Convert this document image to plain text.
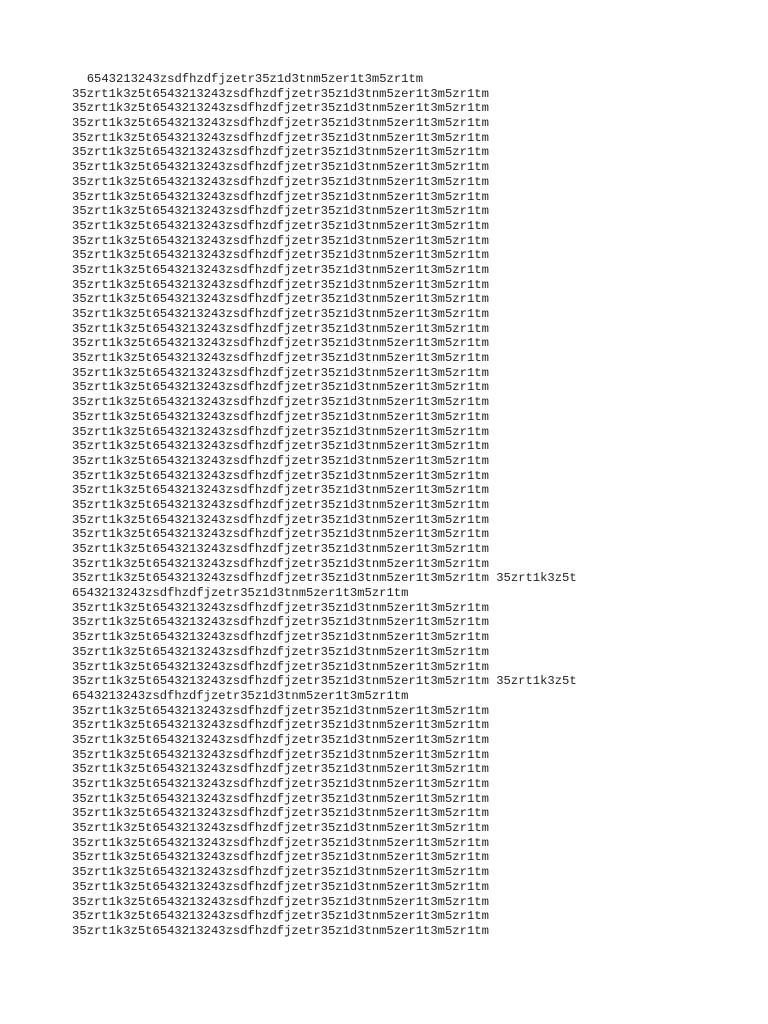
6543213243zsdfhzdfjzetr35z1d3tnm5zer1t3m5zr1tm
35zrt1k3z5t6543213243zsdfhzdfjzetr35z1d3tnm5zer1t3m5zr1tm
35zrt1k3z5t6543213243zsdfhzdfjzetr35z1d3tnm5zer1t3m5zr1tm
35zrt1k3z5t6543213243zsdfhzdfjzetr35z1d3tnm5zer1t3m5zr1tm
35zrt1k3z5t6543213243zsdfhzdfjzetr35z1d3tnm5zer1t3m5zr1tm
35zrt1k3z5t6543213243zsdfhzdfjzetr35z1d3tnm5zer1t3m5zr1tm
35zrt1k3z5t6543213243zsdfhzdfjzetr35z1d3tnm5zer1t3m5zr1tm
35zrt1k3z5t6543213243zsdfhzdfjzetr35z1d3tnm5zer1t3m5zr1tm
35zrt1k3z5t6543213243zsdfhzdfjzetr35z1d3tnm5zer1t3m5zr1tm
35zrt1k3z5t6543213243zsdfhzdfjzetr35z1d3tnm5zer1t3m5zr1tm
35zrt1k3z5t6543213243zsdfhzdfjzetr35z1d3tnm5zer1t3m5zr1tm
35zrt1k3z5t6543213243zsdfhzdfjzetr35z1d3tnm5zer1t3m5zr1tm
35zrt1k3z5t6543213243zsdfhzdfjzetr35z1d3tnm5zer1t3m5zr1tm
35zrt1k3z5t6543213243zsdfhzdfjzetr35z1d3tnm5zer1t3m5zr1tm
35zrt1k3z5t6543213243zsdfhzdfjzetr35z1d3tnm5zer1t3m5zr1tm
35zrt1k3z5t6543213243zsdfhzdfjzetr35z1d3tnm5zer1t3m5zr1tm
35zrt1k3z5t6543213243zsdfhzdfjzetr35z1d3tnm5zer1t3m5zr1tm
35zrt1k3z5t6543213243zsdfhzdfjzetr35z1d3tnm5zer1t3m5zr1tm
35zrt1k3z5t6543213243zsdfhzdfjzetr35z1d3tnm5zer1t3m5zr1tm
35zrt1k3z5t6543213243zsdfhzdfjzetr35z1d3tnm5zer1t3m5zr1tm
35zrt1k3z5t6543213243zsdfhzdfjzetr35z1d3tnm5zer1t3m5zr1tm
35zrt1k3z5t6543213243zsdfhzdfjzetr35z1d3tnm5zer1t3m5zr1tm
35zrt1k3z5t6543213243zsdfhzdfjzetr35z1d3tnm5zer1t3m5zr1tm
35zrt1k3z5t6543213243zsdfhzdfjzetr35z1d3tnm5zer1t3m5zr1tm
35zrt1k3z5t6543213243zsdfhzdfjzetr35z1d3tnm5zer1t3m5zr1tm
35zrt1k3z5t6543213243zsdfhzdfjzetr35z1d3tnm5zer1t3m5zr1tm
35zrt1k3z5t6543213243zsdfhzdfjzetr35z1d3tnm5zer1t3m5zr1tm
35zrt1k3z5t6543213243zsdfhzdfjzetr35z1d3tnm5zer1t3m5zr1tm
35zrt1k3z5t6543213243zsdfhzdfjzetr35z1d3tnm5zer1t3m5zr1tm
35zrt1k3z5t6543213243zsdfhzdfjzetr35z1d3tnm5zer1t3m5zr1tm
35zrt1k3z5t6543213243zsdfhzdfjzetr35z1d3tnm5zer1t3m5zr1tm
35zrt1k3z5t6543213243zsdfhzdfjzetr35z1d3tnm5zer1t3m5zr1tm
35zrt1k3z5t6543213243zsdfhzdfjzetr35z1d3tnm5zer1t3m5zr1tm
35zrt1k3z5t6543213243zsdfhzdfjzetr35z1d3tnm5zer1t3m5zr1tm
35zrt1k3z5t6543213243zsdfhzdfjzetr35z1d3tnm5zer1t3m5zr1tm 35zrt1k3z5t
6543213243zsdfhzdfjzetr35z1d3tnm5zer1t3m5zr1tm
35zrt1k3z5t6543213243zsdfhzdfjzetr35z1d3tnm5zer1t3m5zr1tm
35zrt1k3z5t6543213243zsdfhzdfjzetr35z1d3tnm5zer1t3m5zr1tm
35zrt1k3z5t6543213243zsdfhzdfjzetr35z1d3tnm5zer1t3m5zr1tm
35zrt1k3z5t6543213243zsdfhzdfjzetr35z1d3tnm5zer1t3m5zr1tm
35zrt1k3z5t6543213243zsdfhzdfjzetr35z1d3tnm5zer1t3m5zr1tm
35zrt1k3z5t6543213243zsdfhzdfjzetr35z1d3tnm5zer1t3m5zr1tm 35zrt1k3z5t
6543213243zsdfhzdfjzetr35z1d3tnm5zer1t3m5zr1tm
35zrt1k3z5t6543213243zsdfhzdfjzetr35z1d3tnm5zer1t3m5zr1tm
35zrt1k3z5t6543213243zsdfhzdfjzetr35z1d3tnm5zer1t3m5zr1tm
35zrt1k3z5t6543213243zsdfhzdfjzetr35z1d3tnm5zer1t3m5zr1tm
35zrt1k3z5t6543213243zsdfhzdfjzetr35z1d3tnm5zer1t3m5zr1tm
35zrt1k3z5t6543213243zsdfhzdfjzetr35z1d3tnm5zer1t3m5zr1tm
35zrt1k3z5t6543213243zsdfhzdfjzetr35z1d3tnm5zer1t3m5zr1tm
35zrt1k3z5t6543213243zsdfhzdfjzetr35z1d3tnm5zer1t3m5zr1tm
35zrt1k3z5t6543213243zsdfhzdfjzetr35z1d3tnm5zer1t3m5zr1tm
35zrt1k3z5t6543213243zsdfhzdfjzetr35z1d3tnm5zer1t3m5zr1tm
35zrt1k3z5t6543213243zsdfhzdfjzetr35z1d3tnm5zer1t3m5zr1tm
35zrt1k3z5t6543213243zsdfhzdfjzetr35z1d3tnm5zer1t3m5zr1tm
35zrt1k3z5t6543213243zsdfhzdfjzetr35z1d3tnm5zer1t3m5zr1tm
35zrt1k3z5t6543213243zsdfhzdfjzetr35z1d3tnm5zer1t3m5zr1tm
35zrt1k3z5t6543213243zsdfhzdfjzetr35z1d3tnm5zer1t3m5zr1tm
35zrt1k3z5t6543213243zsdfhzdfjzetr35z1d3tnm5zer1t3m5zr1tm
35zrt1k3z5t6543213243zsdfhzdfjzetr35z1d3tnm5zer1t3m5zr1tm
